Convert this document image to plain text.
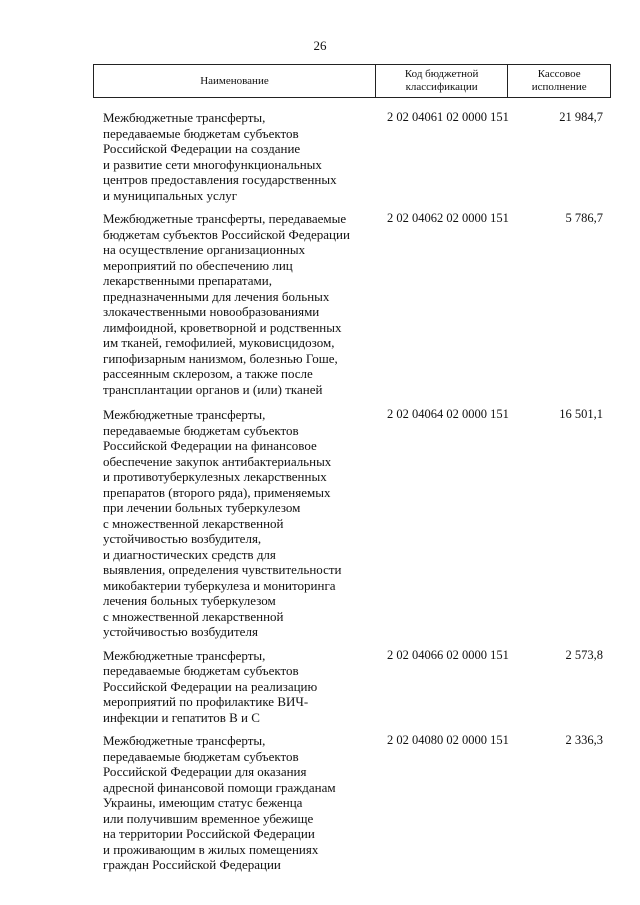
26
Наименование
Код бюджетной
классификации
Кассовое
исполнение
Межбюджетные трансферты,
передаваемые бюджетам субъектов
Российской Федерации на создание
и развитие сети многофункциональных
центров предоставления государственных
и муниципальных услуг
2 02 04061 02 0000 151	21 984,7
Межбюджетные трансферты, передаваемые
бюджетам субъектов Российской Федерации
на осуществление организационных
мероприятий по обеспечению лиц
лекарственными препаратами,
предназначенными для лечения больных
злокачественными новообразованиями
лимфоидной, кроветворной и родственных
им тканей, гемофилией, муковисцидозом,
гипофизарным нанизмом, болезнью Гоше,
рассеянным склерозом, а также после
трансплантации органов и (или) тканей
2 02 04062 02 0000 151	5 786,7
Межбюджетные трансферты,
передаваемые бюджетам субъектов
Российской Федерации на финансовое
обеспечение закупок антибактериальных
и противотуберкулезных лекарственных
препаратов (второго ряда), применяемых
при лечении больных туберкулезом
с множественной лекарственной
устойчивостью возбудителя,
и диагностических средств для
выявления, определения чувствительности
микобактерии туберкулеза и мониторинга
лечения больных туберкулезом
с множественной лекарственной
устойчивостью возбудителя
2 02 04064 02 0000 151	16 501,1
Межбюджетные трансферты,
передаваемые бюджетам субъектов
Российской Федерации на реализацию
мероприятий по профилактике ВИЧ-
инфекции и гепатитов В и С
2 02 04066 02 0000 151	2 573,8
Межбюджетные трансферты,
передаваемые бюджетам субъектов
Российской Федерации для оказания
адресной финансовой помощи гражданам
Украины, имеющим статус беженца
или получившим временное убежище
на территории Российской Федерации
и проживающим в жилых помещениях
граждан Российской Федерации
2 02 04080 02 0000 151	2 336,3
